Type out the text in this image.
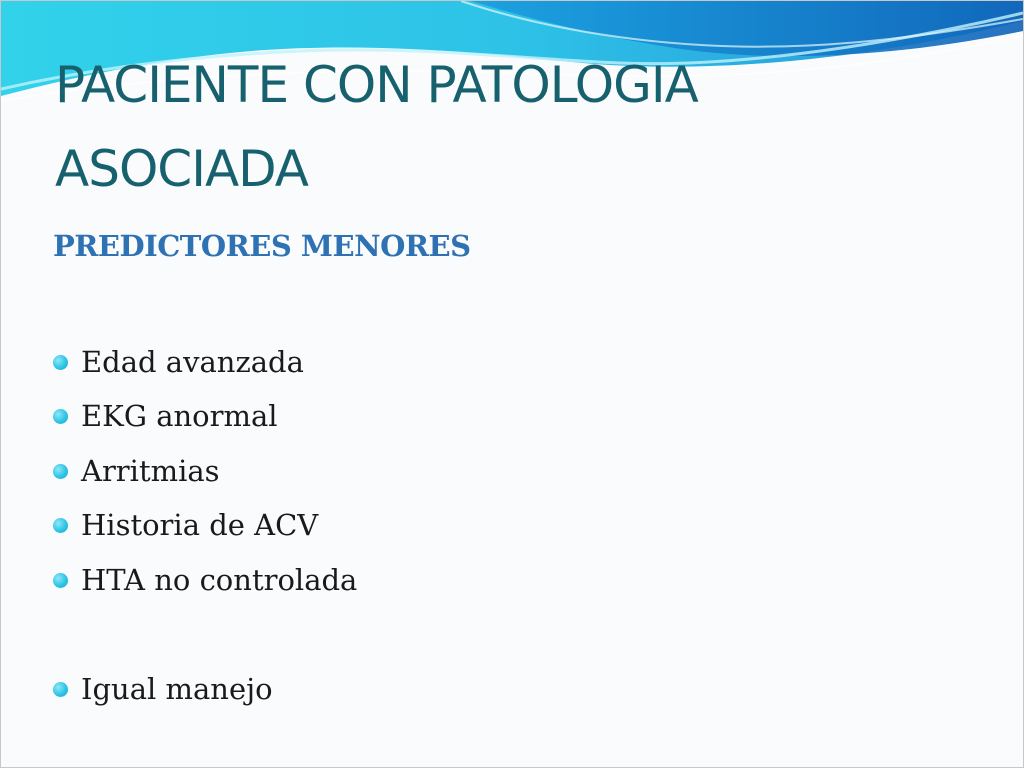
PACIENTE CON PATOLOGIA ASOCIADA
PREDICTORES MENORES
Edad avanzada
EKG anormal
Arritmias
Historia de ACV
HTA no controlada
Igual manejo
